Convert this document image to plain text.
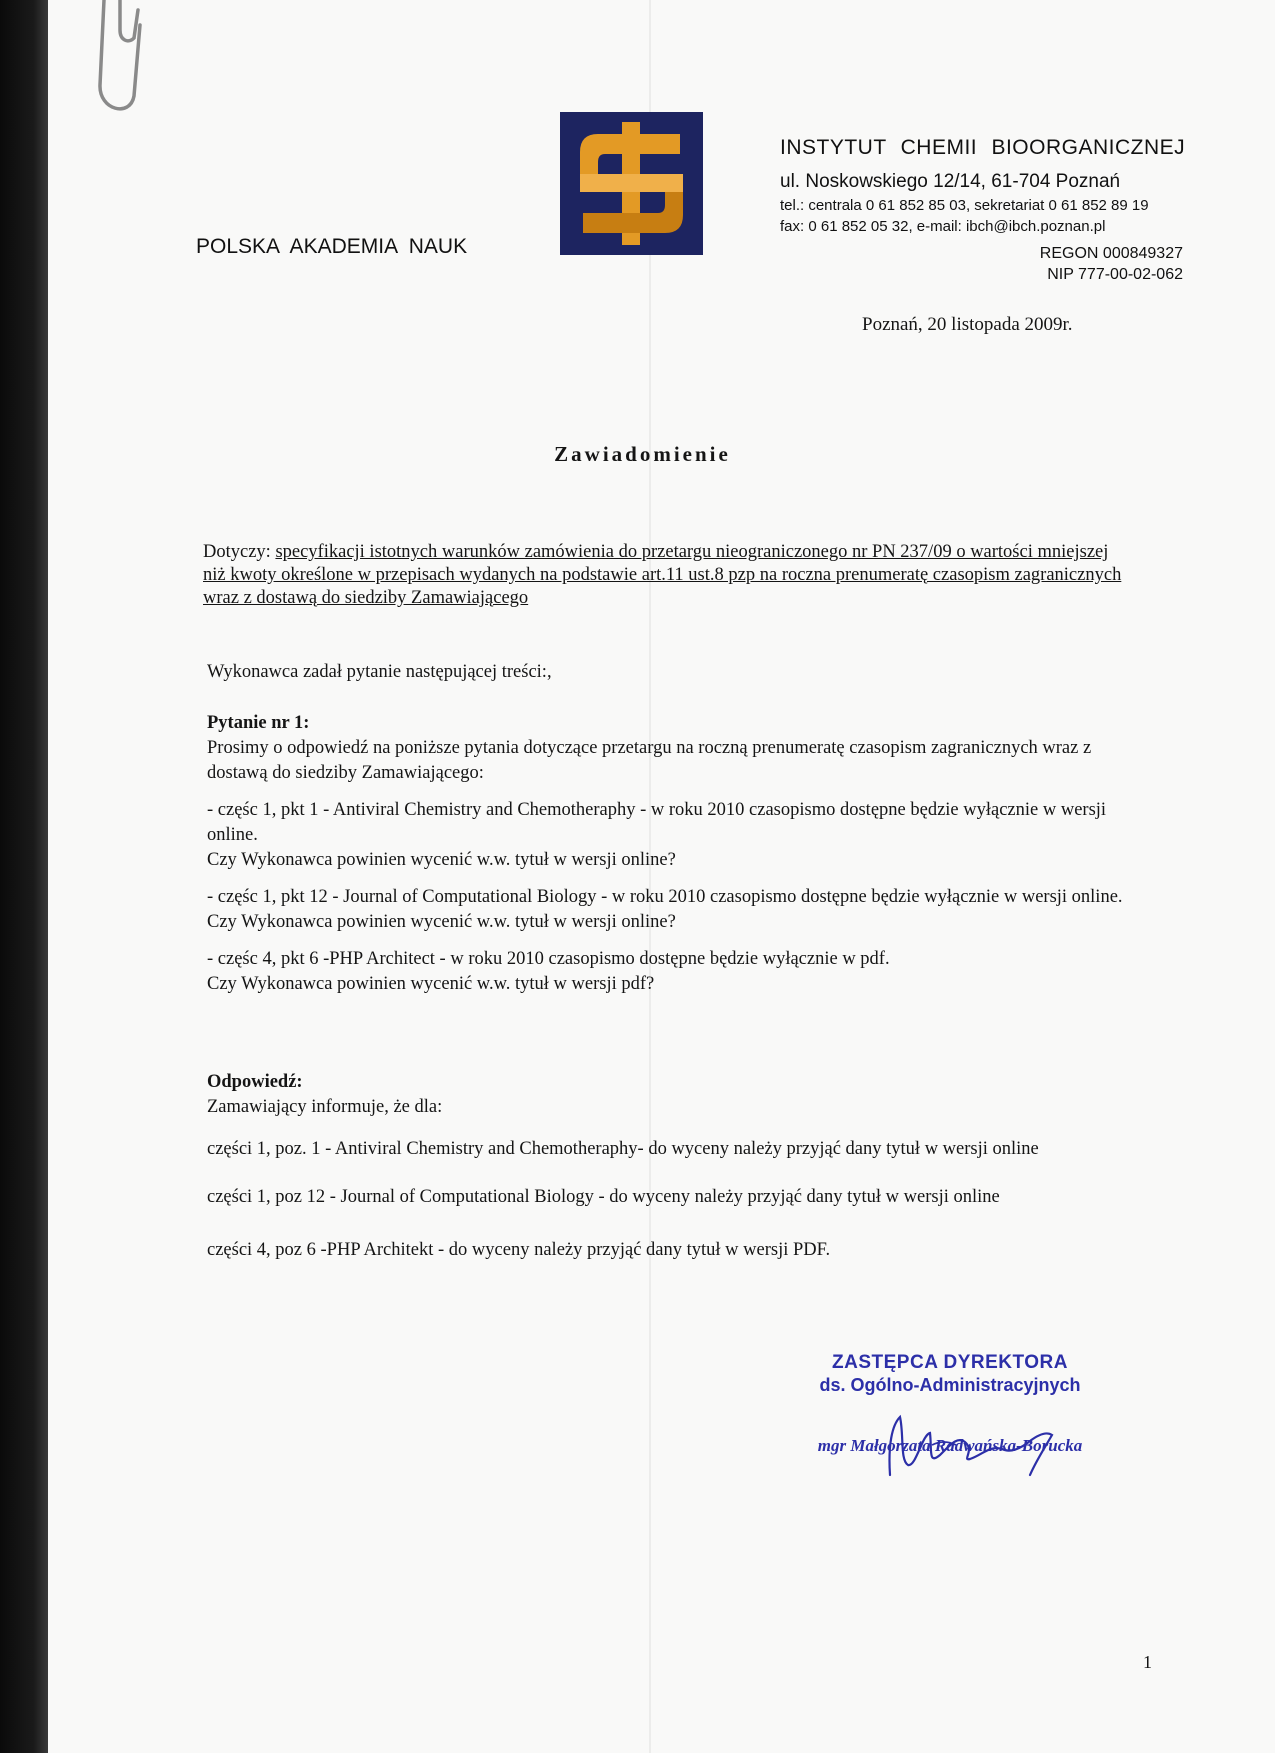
POLSKA AKADEMIA NAUK
INSTYTUT CHEMII BIOORGANICZNEJ
ul. Noskowskiego 12/14, 61-704 Poznań
tel.: centrala 0 61 852 85 03, sekretariat 0 61 852 89 19
fax: 0 61 852 05 32, e-mail: ibch@ibch.poznan.pl
REGON 000849327
NIP 777-00-02-062
Poznań, 20 listopada 2009r.
Zawiadomienie
Dotyczy: specyfikacji istotnych warunków zamówienia do przetargu nieograniczonego nr PN 237/09 o wartości mniejszej niż kwoty określone w przepisach wydanych na podstawie art.11 ust.8 pzp na roczna prenumeratę czasopism zagranicznych wraz z dostawą do siedziby Zamawiającego
Wykonawca zadał pytanie następującej treści:,
Pytanie nr 1:
Prosimy o odpowiedź na poniższe pytania dotyczące przetargu na roczną prenumeratę czasopism zagranicznych wraz z dostawą do siedziby Zamawiającego:
- częśc 1, pkt 1 - Antiviral Chemistry and Chemotheraphy - w roku 2010 czasopismo dostępne będzie wyłącznie w wersji online.
Czy Wykonawca powinien wycenić w.w. tytuł w wersji online?
- częśc 1, pkt 12 - Journal of Computational Biology - w roku 2010 czasopismo dostępne będzie wyłącznie w wersji online.
Czy Wykonawca powinien wycenić w.w. tytuł w wersji online?
- częśc 4, pkt 6 -PHP Architect - w roku 2010 czasopismo dostępne będzie wyłącznie w pdf.
Czy Wykonawca powinien wycenić w.w. tytuł w wersji pdf?
Odpowiedź:
Zamawiający informuje, że dla:
części 1, poz. 1 - Antiviral Chemistry and Chemotheraphy- do wyceny należy przyjąć dany tytuł w wersji online
części 1, poz 12 - Journal of Computational Biology - do wyceny należy przyjąć dany tytuł w wersji online
części 4, poz 6 -PHP Architekt - do wyceny należy przyjąć dany tytuł w wersji PDF.
ZASTĘPCA DYREKTORA
ds. Ogólno-Administracyjnych
mgr Małgorzata Radwańska-Borucka
1
